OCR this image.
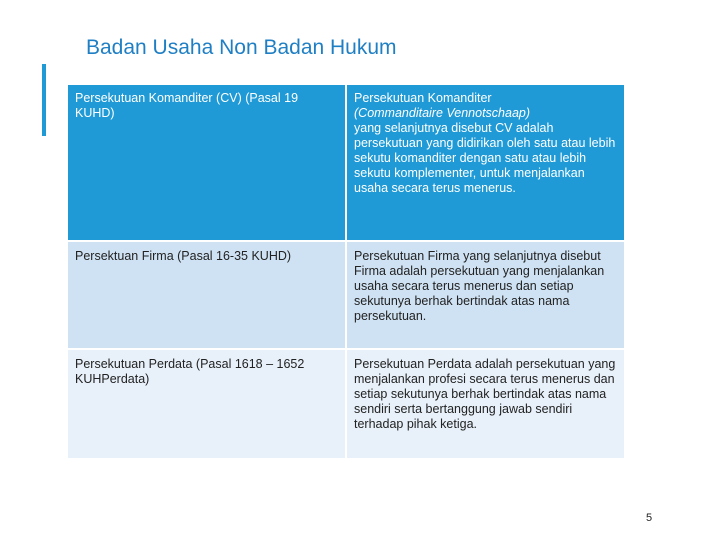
Badan Usaha Non Badan Hukum
Persekutuan Komanditer (CV) (Pasal 19 KUHD)	Persekutuan Komanditer
(Commanditaire Vennotschaap)
yang selanjutnya disebut CV adalah persekutuan yang didirikan oleh satu atau lebih sekutu komanditer dengan satu atau lebih sekutu komplementer, untuk menjalankan usaha secara terus menerus.
Persektuan Firma (Pasal 16-35 KUHD)	Persekutuan Firma yang selanjutnya disebut Firma adalah persekutuan yang menjalankan usaha secara terus menerus dan setiap sekutunya berhak bertindak atas nama persekutuan.
Persekutuan Perdata (Pasal 1618 – 1652 KUHPerdata)	Persekutuan Perdata adalah persekutuan yang menjalankan profesi secara terus menerus dan setiap sekutunya berhak bertindak atas nama sendiri serta bertanggung jawab sendiri terhadap pihak ketiga.
5
